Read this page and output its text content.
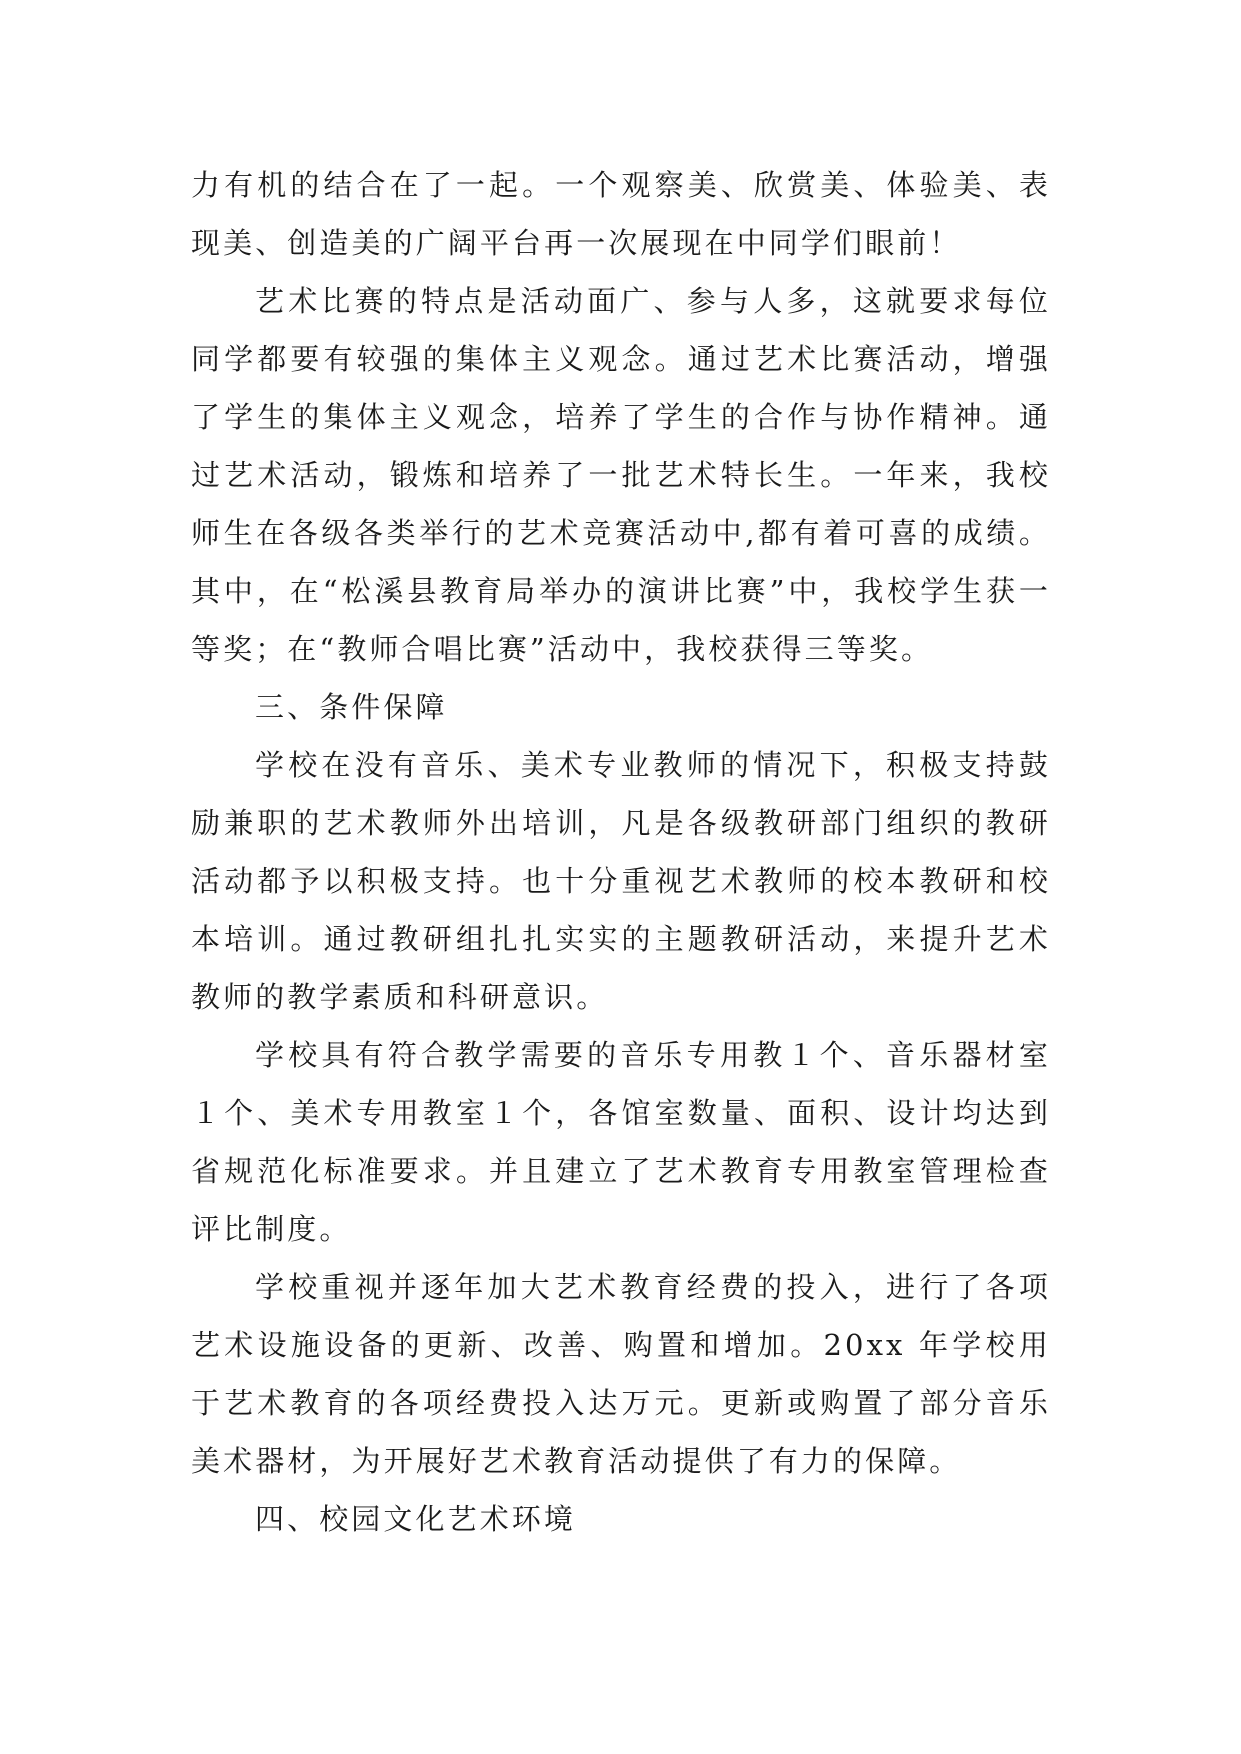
力有机的结合在了一起。一个观察美、欣赏美、体验美、表现美、创造美的广阔平台再一次展现在中同学们眼前！

艺术比赛的特点是活动面广、参与人多，这就要求每位同学都要有较强的集体主义观念。通过艺术比赛活动，增强了学生的集体主义观念，培养了学生的合作与协作精神。通过艺术活动，锻炼和培养了一批艺术特长生。一年来，我校师生在各级各类举行的艺术竞赛活动中,都有着可喜的成绩。其中，在“松溪县教育局举办的演讲比赛”中，我校学生获一等奖；在“教师合唱比赛”活动中，我校获得三等奖。

三、条件保障

学校在没有音乐、美术专业教师的情况下，积极支持鼓励兼职的艺术教师外出培训，凡是各级教研部门组织的教研活动都予以积极支持。也十分重视艺术教师的校本教研和校本培训。通过教研组扎扎实实的主题教研活动，来提升艺术教师的教学素质和科研意识。

学校具有符合教学需要的音乐专用教１个、音乐器材室１个、美术专用教室１个，各馆室数量、面积、设计均达到省规范化标准要求。并且建立了艺术教育专用教室管理检查评比制度。

学校重视并逐年加大艺术教育经费的投入，进行了各项艺术设施设备的更新、改善、购置和增加。20xx 年学校用于艺术教育的各项经费投入达万元。更新或购置了部分音乐美术器材，为开展好艺术教育活动提供了有力的保障。

四、校园文化艺术环境
